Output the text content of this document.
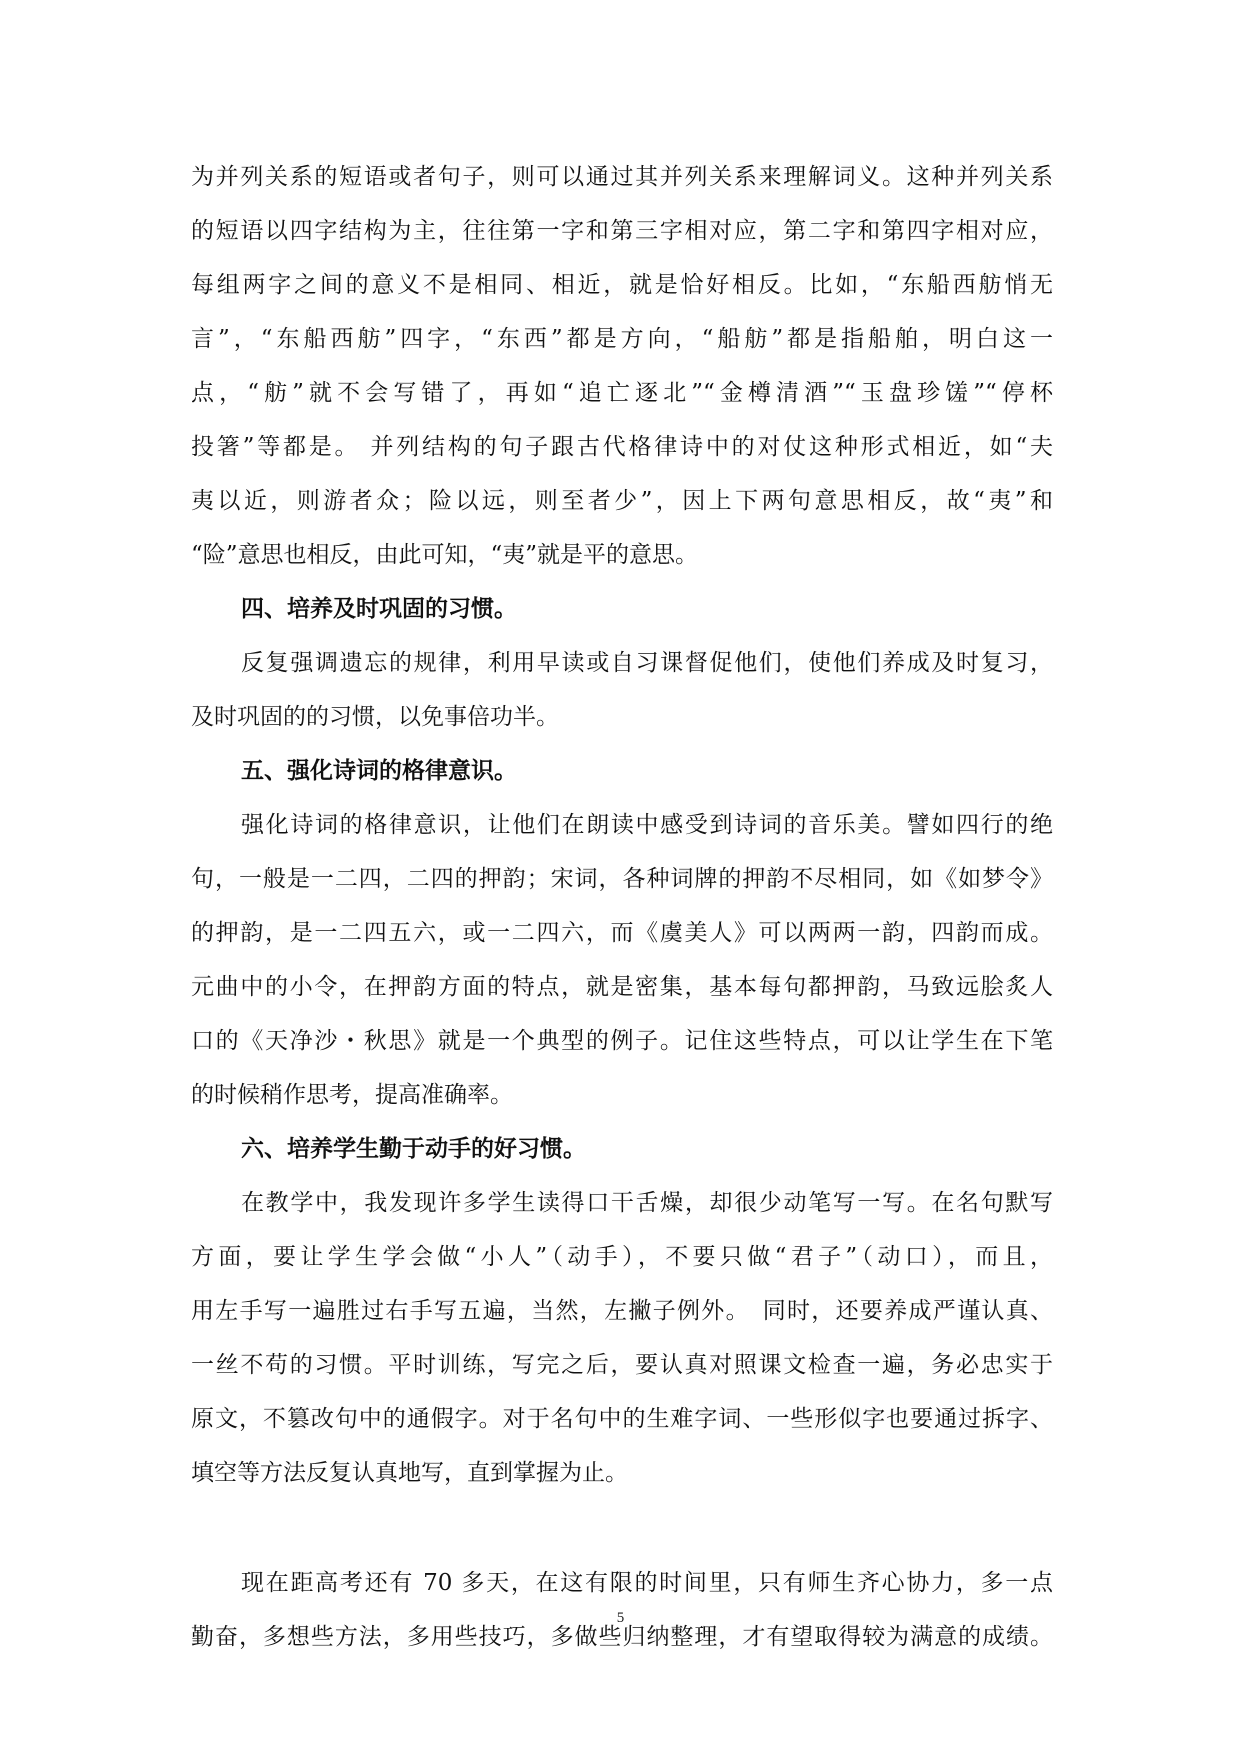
为并列关系的短语或者句子，则可以通过其并列关系来理解词义。这种并列关系
的短语以四字结构为主，往往第一字和第三字相对应，第二字和第四字相对应，
每组两字之间的意义不是相同、相近，就是恰好相反。比如，“东船西舫悄无
言”，“东船西舫”四字，“东西”都是方向，“船舫”都是指船舶，明白这一
点，“舫”就不会写错了，再如“追亡逐北”“金樽清酒”“玉盘珍馐”“停杯
投箸”等都是。 并列结构的句子跟古代格律诗中的对仗这种形式相近，如“夫
夷以近，则游者众；险以远，则至者少”，因上下两句意思相反，故“夷”和
“险”意思也相反，由此可知，“夷”就是平的意思。
四、培养及时巩固的习惯。
反复强调遗忘的规律，利用早读或自习课督促他们，使他们养成及时复习，
及时巩固的的习惯，以免事倍功半。
五、强化诗词的格律意识。
强化诗词的格律意识，让他们在朗读中感受到诗词的音乐美。譬如四行的绝
句，一般是一二四，二四的押韵；宋词，各种词牌的押韵不尽相同，如《如梦令》
的押韵，是一二四五六，或一二四六，而《虞美人》可以两两一韵，四韵而成。
元曲中的小令，在押韵方面的特点，就是密集，基本每句都押韵，马致远脍炙人
口的《天净沙・秋思》就是一个典型的例子。记住这些特点，可以让学生在下笔
的时候稍作思考，提高准确率。
六、培养学生勤于动手的好习惯。
在教学中，我发现许多学生读得口干舌燥，却很少动笔写一写。在名句默写
方面，要让学生学会做“小人”（动手），不要只做“君子”（动口），而且，
用左手写一遍胜过右手写五遍，当然，左撇子例外。　同时，还要养成严谨认真、
一丝不苟的习惯。平时训练，写完之后，要认真对照课文检查一遍，务必忠实于
原文，不篡改句中的通假字。对于名句中的生难字词、一些形似字也要通过拆字、
填空等方法反复认真地写，直到掌握为止。
现在距高考还有 70 多天，在这有限的时间里，只有师生齐心协力，多一点
勤奋，多想些方法，多用些技巧，多做些归纳整理，才有望取得较为满意的成绩。
5
